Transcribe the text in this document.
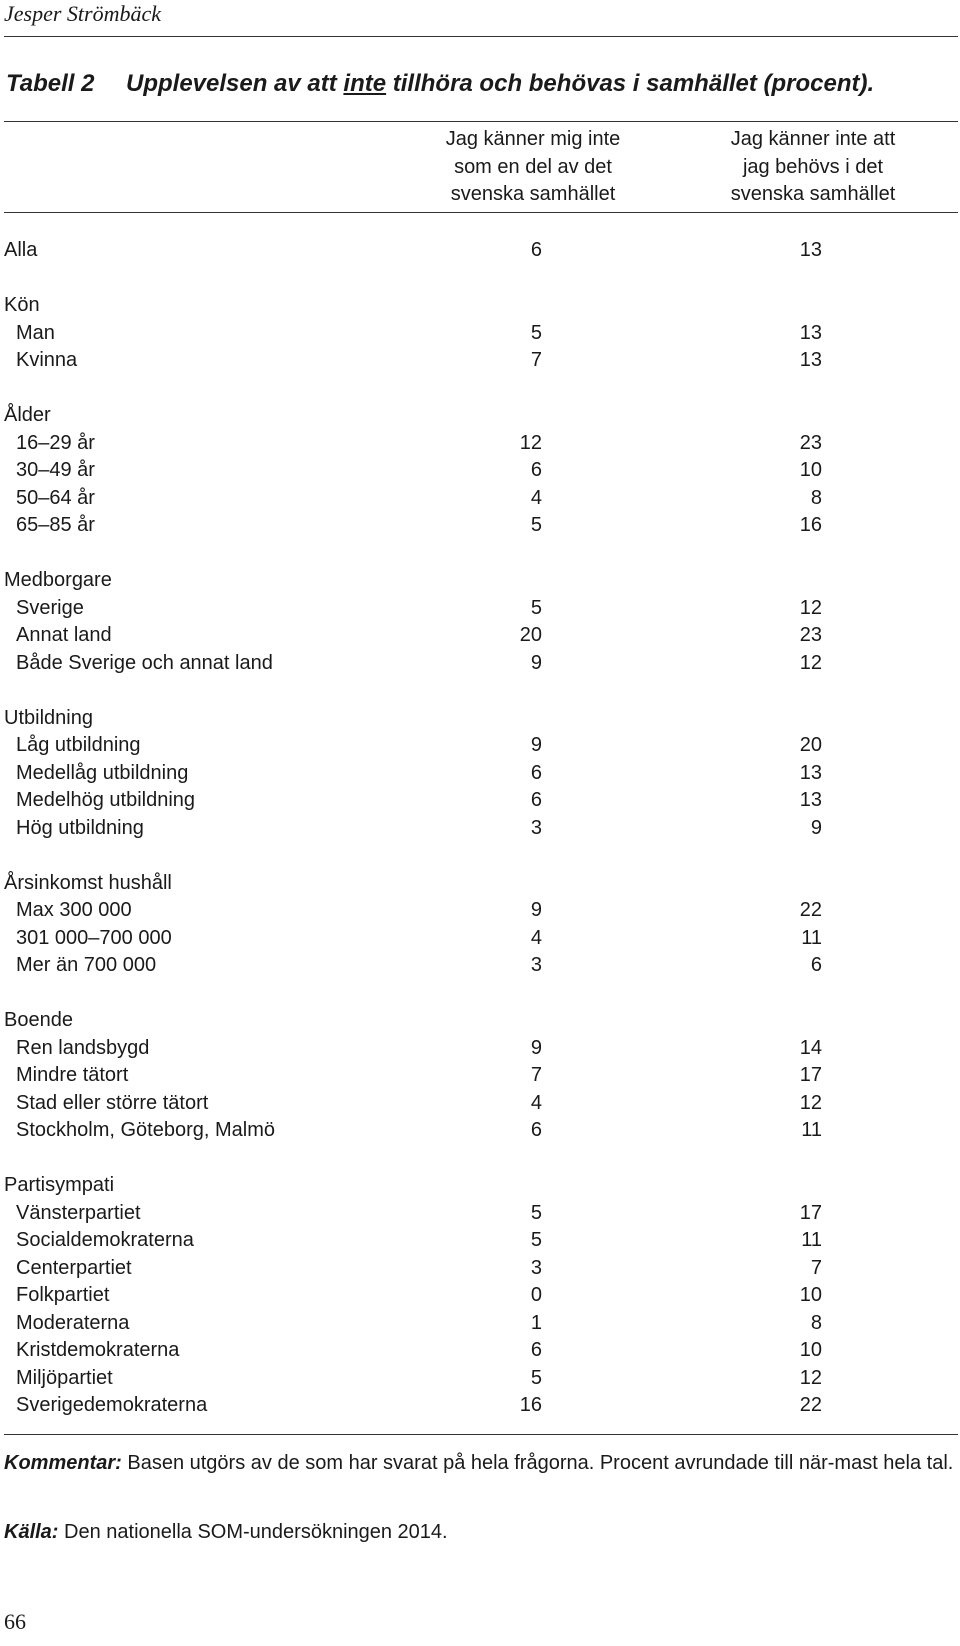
Jesper Strömbäck
Tabell 2 Upplevelsen av att inte tillhöra och behövas i samhället (procent).
Jag känner mig inte
som en del av det
svenska samhället
Jag känner inte att
jag behövs i det
svenska samhället
Alla	6	13
Kön
Man	5	13
Kvinna	7	13
Ålder
16–29 år	12	23
30–49 år	6	10
50–64 år	4	8
65–85 år	5	16
Medborgare
Sverige	5	12
Annat land	20	23
Både Sverige och annat land	9	12
Utbildning
Låg utbildning	9	20
Medellåg utbildning	6	13
Medelhög utbildning	6	13
Hög utbildning	3	9
Årsinkomst hushåll
Max 300 000	9	22
301 000–700 000	4	11
Mer än 700 000	3	6
Boende
Ren landsbygd	9	14
Mindre tätort	7	17
Stad eller större tätort	4	12
Stockholm, Göteborg, Malmö	6	11
Partisympati
Vänsterpartiet	5	17
Socialdemokraterna	5	11
Centerpartiet	3	7
Folkpartiet	0	10
Moderaterna	1	8
Kristdemokraterna	6	10
Miljöpartiet	5	12
Sverigedemokraterna	16	22
Kommentar: Basen utgörs av de som har svarat på hela frågorna. Procent avrundade till när-mast hela tal.
Källa: Den nationella SOM-undersökningen 2014.
66
